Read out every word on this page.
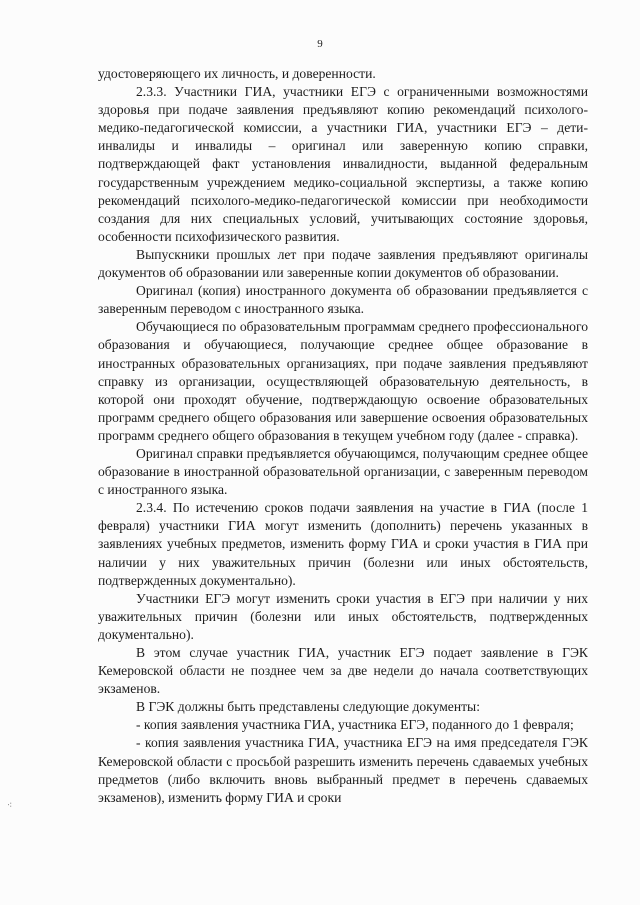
9

удостоверяющего их личность, и доверенности.

2.3.3. Участники ГИА, участники ЕГЭ с ограниченными возможностями здоровья при подаче заявления предъявляют копию рекомендаций психолого-медико-педагогической комиссии, а участники ГИА, участники ЕГЭ – дети-инвалиды и инвалиды – оригинал или заверенную копию справки, подтверждающей факт установления инвалидности, выданной федеральным государственным учреждением медико-социальной экспертизы, а также копию рекомендаций психолого-медико-педагогической комиссии при необходимости создания для них специальных условий, учитывающих состояние здоровья, особенности психофизического развития.

Выпускники прошлых лет при подаче заявления предъявляют оригиналы документов об образовании или заверенные копии документов об образовании.

Оригинал (копия) иностранного документа об образовании предъявляется с заверенным переводом с иностранного языка.

Обучающиеся по образовательным программам среднего профессионального образования и обучающиеся, получающие среднее общее образование в иностранных образовательных организациях, при подаче заявления предъявляют справку из организации, осуществляющей образовательную деятельность, в которой они проходят обучение, подтверждающую освоение образовательных программ среднего общего образования или завершение освоения образовательных программ среднего общего образования в текущем учебном году (далее - справка).

Оригинал справки предъявляется обучающимся, получающим среднее общее образование в иностранной образовательной организации, с заверенным переводом с иностранного языка.

2.3.4. По истечению сроков подачи заявления на участие в ГИА (после 1 февраля) участники ГИА могут изменить (дополнить) перечень указанных в заявлениях учебных предметов, изменить форму ГИА и сроки участия в ГИА при наличии у них уважительных причин (болезни или иных обстоятельств, подтвержденных документально).

Участники ЕГЭ могут изменить сроки участия в ЕГЭ при наличии у них уважительных причин (болезни или иных обстоятельств, подтвержденных документально).

В этом случае участник ГИА, участник ЕГЭ подает заявление в ГЭК Кемеровской области не позднее чем за две недели до начала соответствующих экзаменов.

В ГЭК должны быть представлены следующие документы:

- копия заявления участника ГИА, участника ЕГЭ, поданного до 1 февраля;

- копия заявления участника ГИА, участника ЕГЭ на имя председателя ГЭК Кемеровской области с просьбой разрешить изменить перечень сдаваемых учебных предметов (либо включить вновь выбранный предмет в перечень сдаваемых экзаменов), изменить форму ГИА и сроки

⁖
